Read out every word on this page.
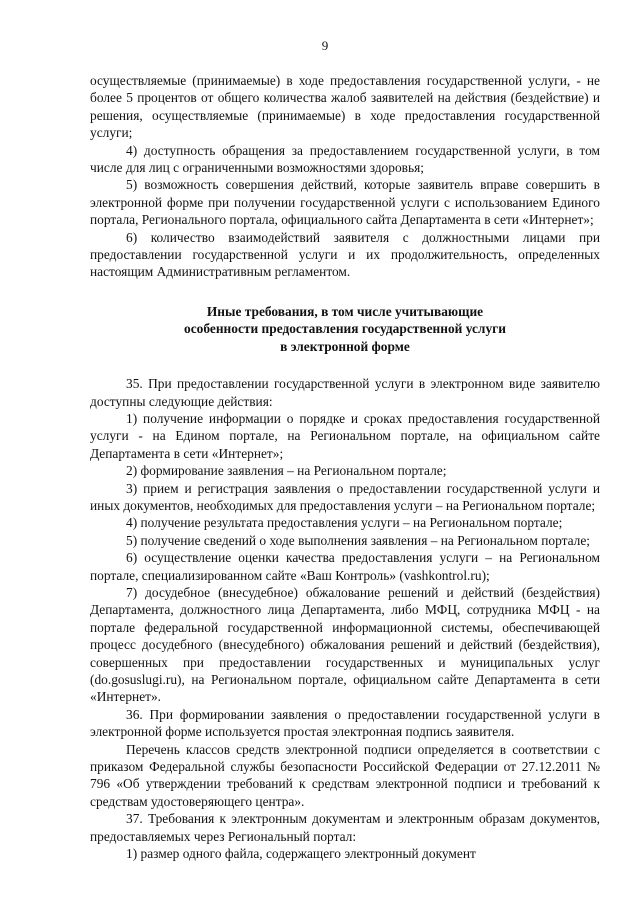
9

осуществляемые (принимаемые) в ходе предоставления государственной услуги, - не более 5 процентов от общего количества жалоб заявителей на действия (бездействие) и решения, осуществляемые (принимаемые) в ходе предоставления государственной услуги;

4) доступность обращения за предоставлением государственной услуги, в том числе для лиц с ограниченными возможностями здоровья;

5) возможность совершения действий, которые заявитель вправе совершить в электронной форме при получении государственной услуги с использованием Единого портала, Регионального портала, официального сайта Департамента в сети «Интернет»;

6) количество взаимодействий заявителя с должностными лицами при предоставлении государственной услуги и их продолжительность, определенных настоящим Административным регламентом.

Иные требования, в том числе учитывающие
особенности предоставления государственной услуги
в электронной форме

35. При предоставлении государственной услуги в электронном виде заявителю доступны следующие действия:

1) получение информации о порядке и сроках предоставления государственной услуги - на Едином портале, на Региональном портале, на официальном сайте Департамента в сети «Интернет»;

2) формирование заявления – на Региональном портале;

3) прием и регистрация заявления о предоставлении государственной услуги и иных документов, необходимых для предоставления услуги – на Региональном портале;

4) получение результата предоставления услуги – на Региональном портале;

5) получение сведений о ходе выполнения заявления – на Региональном портале;

6) осуществление оценки качества предоставления услуги – на Региональном портале, специализированном сайте «Ваш Контроль» (vashkontrol.ru);

7) досудебное (внесудебное) обжалование решений и действий (бездействия) Департамента, должностного лица Департамента, либо МФЦ, сотрудника МФЦ - на портале федеральной государственной информационной системы, обеспечивающей процесс досудебного (внесудебного) обжалования решений и действий (бездействия), совершенных при предоставлении государственных и муниципальных услуг (do.gosuslugi.ru), на Региональном портале, официальном сайте Департамента в сети «Интернет».

36. При формировании заявления о предоставлении государственной услуги в электронной форме используется простая электронная подпись заявителя.

Перечень классов средств электронной подписи определяется в соответствии с приказом Федеральной службы безопасности Российской Федерации от 27.12.2011 № 796 «Об утверждении требований к средствам электронной подписи и требований к средствам удостоверяющего центра».

37. Требования к электронным документам и электронным образам документов, предоставляемых через Региональный портал:

1) размер одного файла, содержащего электронный документ
